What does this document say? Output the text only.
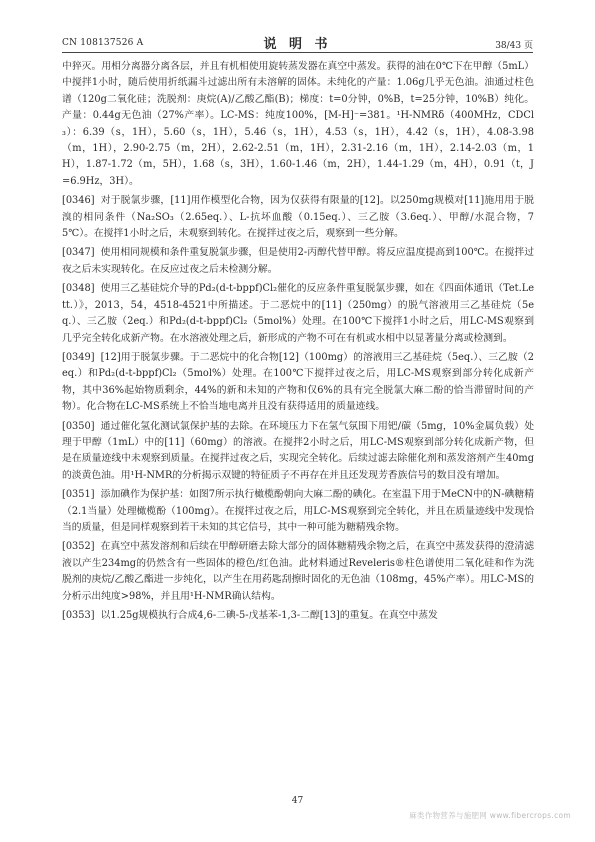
CN 108137526 A	说 明 书	38/43 页

中猝灭。用相分离器分离各层，并且有机相使用旋转蒸发器在真空中蒸发。获得的油在0℃下在甲醇（5mL）中搅拌1小时，随后使用折纸漏斗过滤出所有未溶解的固体。未纯化的产量：1.06g几乎无色油。油通过柱色谱（120g二氧化硅；洗脱剂：庚烷(A)/乙酸乙酯(B)；梯度：t=0分钟，0%B，t=25分钟，10%B）纯化。产量：0.44g无色油（27%产率）。LC-MS：纯度100%，[M-H]⁻=381。¹H-NMRδ（400MHz，CDCl₃）：6.39（s，1H），5.60（s，1H），5.46（s，1H），4.53（s，1H），4.42（s，1H），4.08-3.98（m，1H），2.90-2.75（m，2H），2.62-2.51（m，1H），2.31-2.16（m，1H），2.14-2.03（m，1H），1.87-1.72（m，5H），1.68（s，3H），1.60-1.46（m，2H），1.44-1.29（m，4H），0.91（t，J=6.9Hz，3H）。

[0346] 对于脱氯步骤，[11]用作模型化合物，因为仅获得有限量的[12]。以250mg规模对[11]施用用于脱溴的相同条件（Na₂SO₃（2.65eq.）、L-抗坏血酸（0.15eq.）、三乙胺（3.6eq.）、甲醇/水混合物，75℃）。在搅拌1小时之后，未观察到转化。在搅拌过夜之后，观察到一些分解。

[0347] 使用相同规模和条件重复脱氯步骤，但是使用2-丙醇代替甲醇。将反应温度提高到100℃。在搅拌过夜之后未实现转化。在反应过夜之后未检测分解。

[0348] 使用三乙基硅烷介导的Pd₂(d-t-bppf)Cl₂催化的反应条件重复脱氯步骤，如在《四面体通讯（Tet.Lett.）》，2013，54，4518-4521中所描述。于二恶烷中的[11]（250mg）的脱气溶液用三乙基硅烷（5eq.）、三乙胺（2eq.）和Pd₂(d-t-bppf)Cl₂（5mol%）处理。在100℃下搅拌1小时之后，用LC-MS观察到几乎完全转化成新产物。在水溶液处理之后，新形成的产物不可在有机或水相中以显著量分离或检测到。

[0349] [12]用于脱氯步骤。于二恶烷中的化合物[12]（100mg）的溶液用三乙基硅烷（5eq.）、三乙胺（2eq.）和Pd₂(d-t-bppf)Cl₂（5mol%）处理。在100℃下搅拌过夜之后，用LC-MS观察到部分转化成新产物，其中36%起始物质剩余，44%的新和未知的产物和仅6%的具有完全脱氯大麻二酚的恰当滞留时间的产物）。化合物在LC-MS系统上不恰当地电离并且没有获得适用的质量迹线。

[0350] 通过催化氢化测试氯保护基的去除。在环境压力下在氢气氛围下用钯/碳（5mg，10%金属负载）处理于甲醇（1mL）中的[11]（60mg）的溶液。在搅拌2小时之后，用LC-MS观察到部分转化成新产物，但是在质量迹线中未观察到质量。在搅拌过夜之后，实现完全转化。后续过滤去除催化剂和蒸发溶剂产生40mg的淡黄色油。用¹H-NMR的分析揭示双键的特征质子不再存在并且还发现芳香族信号的数目没有增加。

[0351] 添加碘作为保护基：如图7所示执行橄榄酚朝向大麻二酚的碘化。在室温下用于MeCN中的N-碘糖精（2.1当量）处理橄榄酚（100mg）。在搅拌过夜之后，用LC-MS观察到完全转化，并且在质量迹线中发现恰当的质量，但是同样观察到若干未知的其它信号，其中一种可能为糖精残余物。

[0352] 在真空中蒸发溶剂和后续在甲醇研磨去除大部分的固体糖精残余物之后，在真空中蒸发获得的澄清滤液以产生234mg的仍然含有一些固体的橙色/红色油。此材料通过Reveleris®柱色谱使用二氧化硅和作为洗脱剂的庚烷/乙酸乙酯进一步纯化，以产生在用药匙刮擦时固化的无色油（108mg，45%产率）。用LC-MS的分析示出纯度>98%，并且用¹H-NMR确认结构。

[0353] 以1.25g规模执行合成4,6-二碘-5-戊基苯-1,3-二醇[13]的重复。在真空中蒸发

47
麻类作物营养与施肥网 www.fibercrops.com
